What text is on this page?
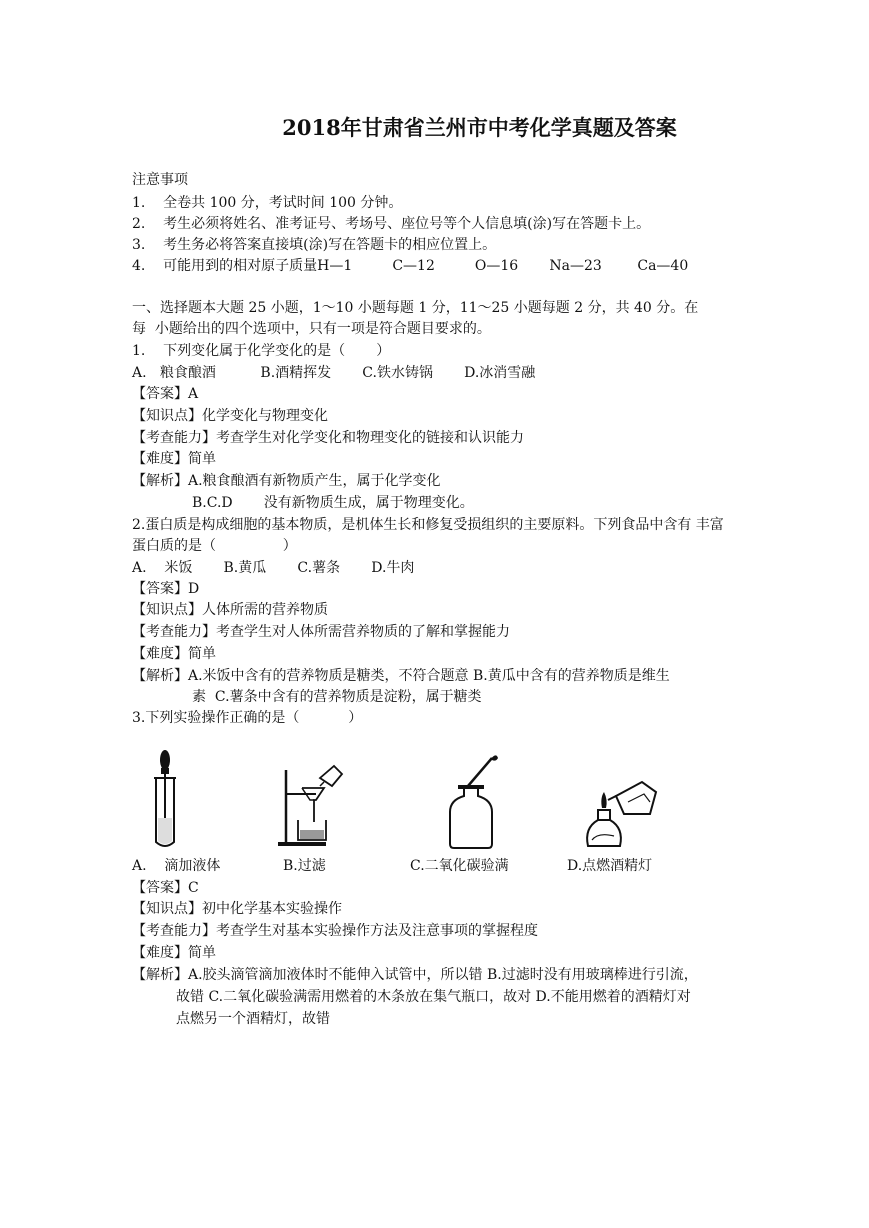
2018年甘肃省兰州市中考化学真题及答案
注意事项
1.    全卷共 100 分，考试时间 100 分钟。
2.    考生必须将姓名、准考证号、考场号、座位号等个人信息填(涂)写在答题卡上。
3.    考生务必将答案直接填(涂)写在答题卡的相应位置上。
4.    可能用到的相对原子质量H—1         C—12         O—16       Na—23        Ca—40
一、选择题本大题 25 小题，1～10 小题每题 1 分，11～25 小题每题 2 分，共 40 分。在
每  小题给出的四个选项中，只有一项是符合题目要求的。
1.    下列变化属于化学变化的是（       ）
A.   粮食酿酒          B.酒精挥发       C.铁水铸锅       D.冰消雪融
【答案】A
【知识点】化学变化与物理变化
【考查能力】考查学生对化学变化和物理变化的链接和认识能力
【难度】简单
【解析】A.粮食酿酒有新物质产生，属于化学变化
B.C.D       没有新物质生成，属于物理变化。
2.蛋白质是构成细胞的基本物质，是机体生长和修复受损组织的主要原料。下列食品中含有 丰富
蛋白质的是（               ）
A.    米饭       B.黄瓜       C.薯条       D.牛肉
【答案】D
【知识点】人体所需的营养物质
【考查能力】考查学生对人体所需营养物质的了解和掌握能力
【难度】简单
【解析】A.米饭中含有的营养物质是糖类，不符合题意 B.黄瓜中含有的营养物质是维生
素  C.薯条中含有的营养物质是淀粉，属于糖类
3.下列实验操作正确的是（           ）
A.    滴加液体	B.过滤	C.二氧化碳验满	D.点燃酒精灯
【答案】C
【知识点】初中化学基本实验操作
【考查能力】考查学生对基本实验操作方法及注意事项的掌握程度
【难度】简单
【解析】A.胶头滴管滴加液体时不能伸入试管中，所以错 B.过滤时没有用玻璃棒进行引流，
故错 C.二氧化碳验满需用燃着的木条放在集气瓶口，故对 D.不能用燃着的酒精灯对
点燃另一个酒精灯，故错
